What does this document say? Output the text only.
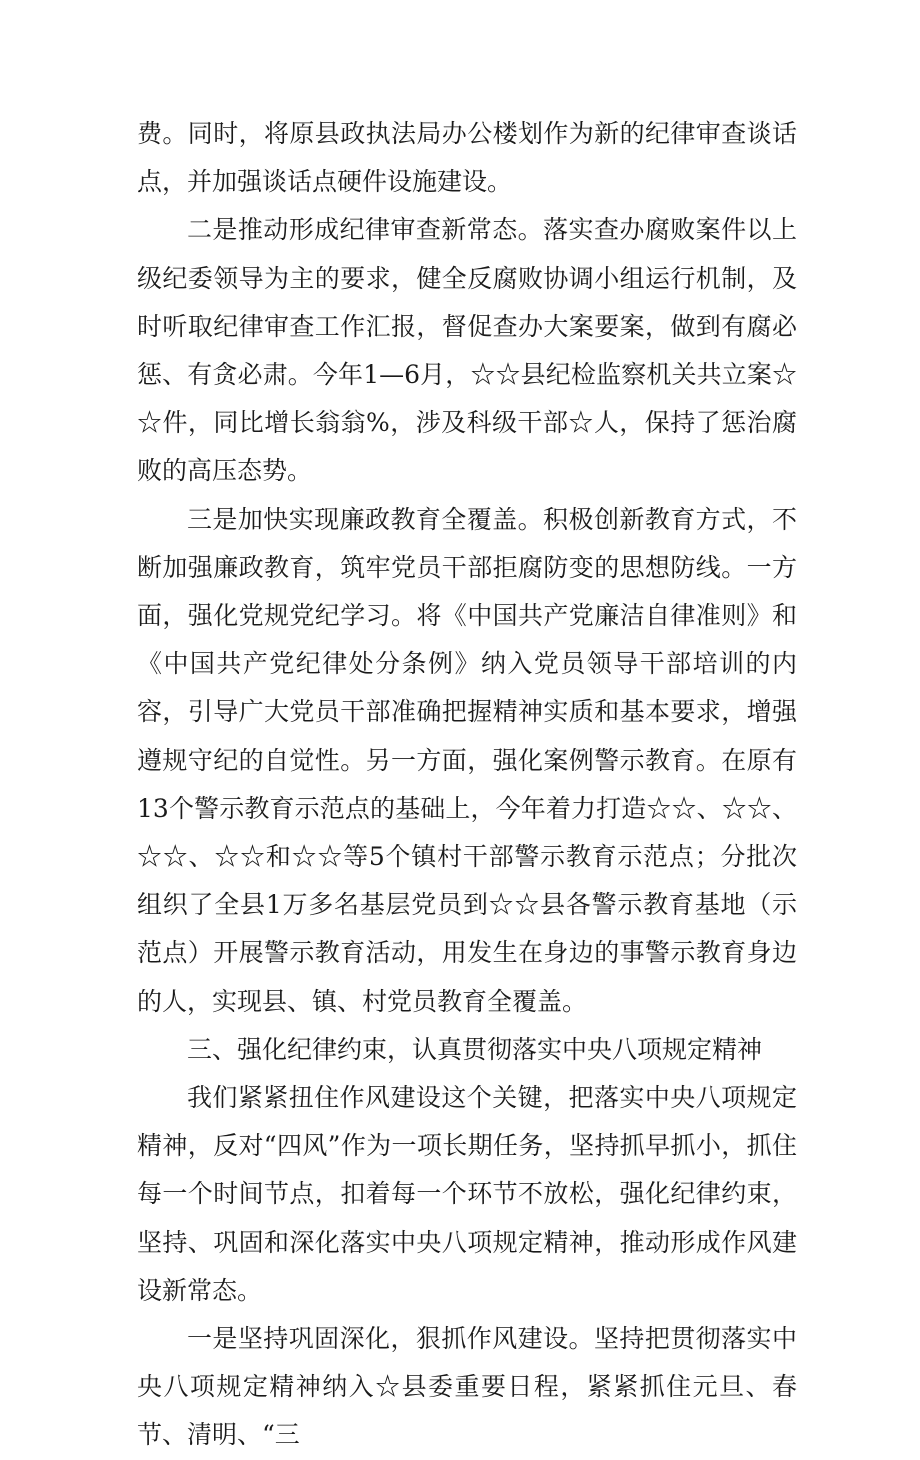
费。同时，将原县政执法局办公楼划作为新的纪律审查谈话点，并加强谈话点硬件设施建设。

二是推动形成纪律审查新常态。落实查办腐败案件以上级纪委领导为主的要求，健全反腐败协调小组运行机制，及时听取纪律审查工作汇报，督促查办大案要案，做到有腐必惩、有贪必肃。今年1—6月，☆☆县纪检监察机关共立案☆☆件，同比增长翁翁%，涉及科级干部☆人，保持了惩治腐败的高压态势。

三是加快实现廉政教育全覆盖。积极创新教育方式，不断加强廉政教育，筑牢党员干部拒腐防变的思想防线。一方面，强化党规党纪学习。将《中国共产党廉洁自律准则》和《中国共产党纪律处分条例》纳入党员领导干部培训的内容，引导广大党员干部准确把握精神实质和基本要求，增强遵规守纪的自觉性。另一方面，强化案例警示教育。在原有13个警示教育示范点的基础上，今年着力打造☆☆、☆☆、☆☆、☆☆和☆☆等5个镇村干部警示教育示范点；分批次组织了全县1万多名基层党员到☆☆县各警示教育基地（示范点）开展警示教育活动，用发生在身边的事警示教育身边的人，实现县、镇、村党员教育全覆盖。

三、强化纪律约束，认真贯彻落实中央八项规定精神

我们紧紧扭住作风建设这个关键，把落实中央八项规定精神，反对“四风”作为一项长期任务，坚持抓早抓小，抓住每一个时间节点，扣着每一个环节不放松，强化纪律约束，坚持、巩固和深化落实中央八项规定精神，推动形成作风建设新常态。

一是坚持巩固深化，狠抓作风建设。坚持把贯彻落实中央八项规定精神纳入☆县委重要日程，紧紧抓住元旦、春节、清明、“三
